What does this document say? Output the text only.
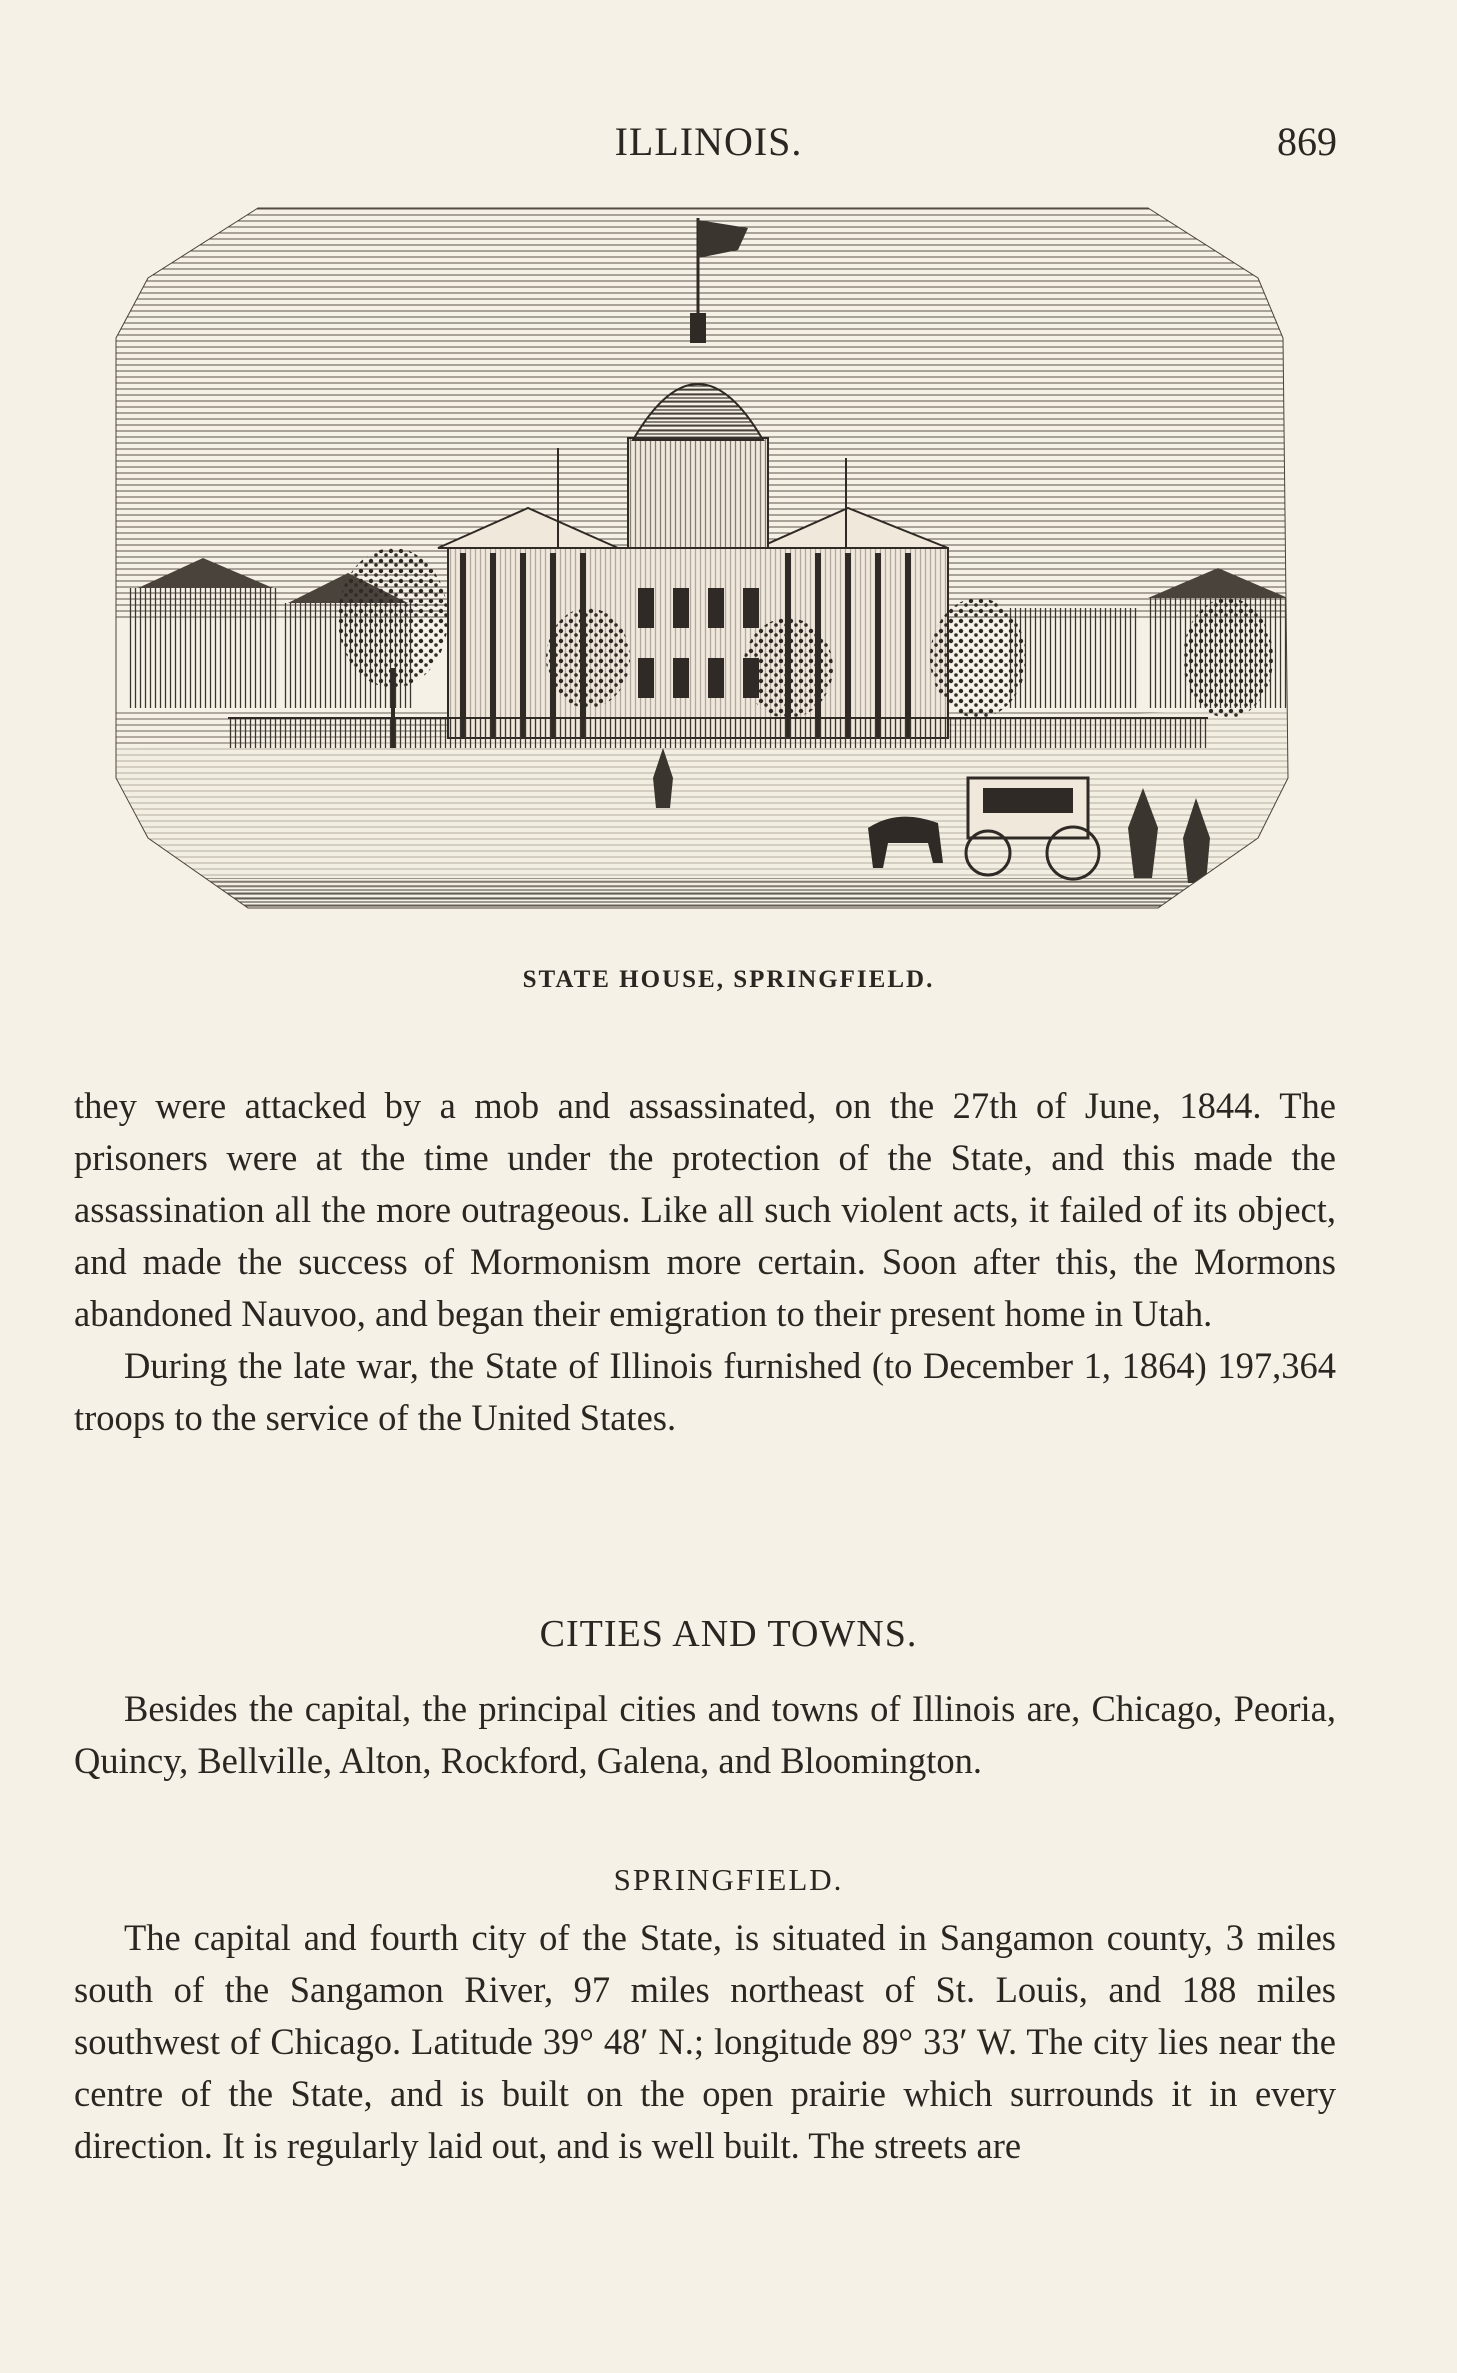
ILLINOIS.	869
STATE HOUSE, SPRINGFIELD.

they were attacked by a mob and assassinated, on the 27th of June, 1844. The prisoners were at the time under the protection of the State, and this made the assassination all the more outrageous. Like all such violent acts, it failed of its object, and made the success of Mormonism more certain. Soon after this, the Mormons abandoned Nauvoo, and began their emigration to their present home in Utah.

During the late war, the State of Illinois furnished (to December 1, 1864) 197,364 troops to the service of the United States.

CITIES AND TOWNS.

Besides the capital, the principal cities and towns of Illinois are, Chicago, Peoria, Quincy, Bellville, Alton, Rockford, Galena, and Bloomington.

SPRINGFIELD.

The capital and fourth city of the State, is situated in Sangamon county, 3 miles south of the Sangamon River, 97 miles northeast of St. Louis, and 188 miles southwest of Chicago. Latitude 39° 48′ N.; longitude 89° 33′ W. The city lies near the centre of the State, and is built on the open prairie which surrounds it in every direction. It is regularly laid out, and is well built. The streets are
